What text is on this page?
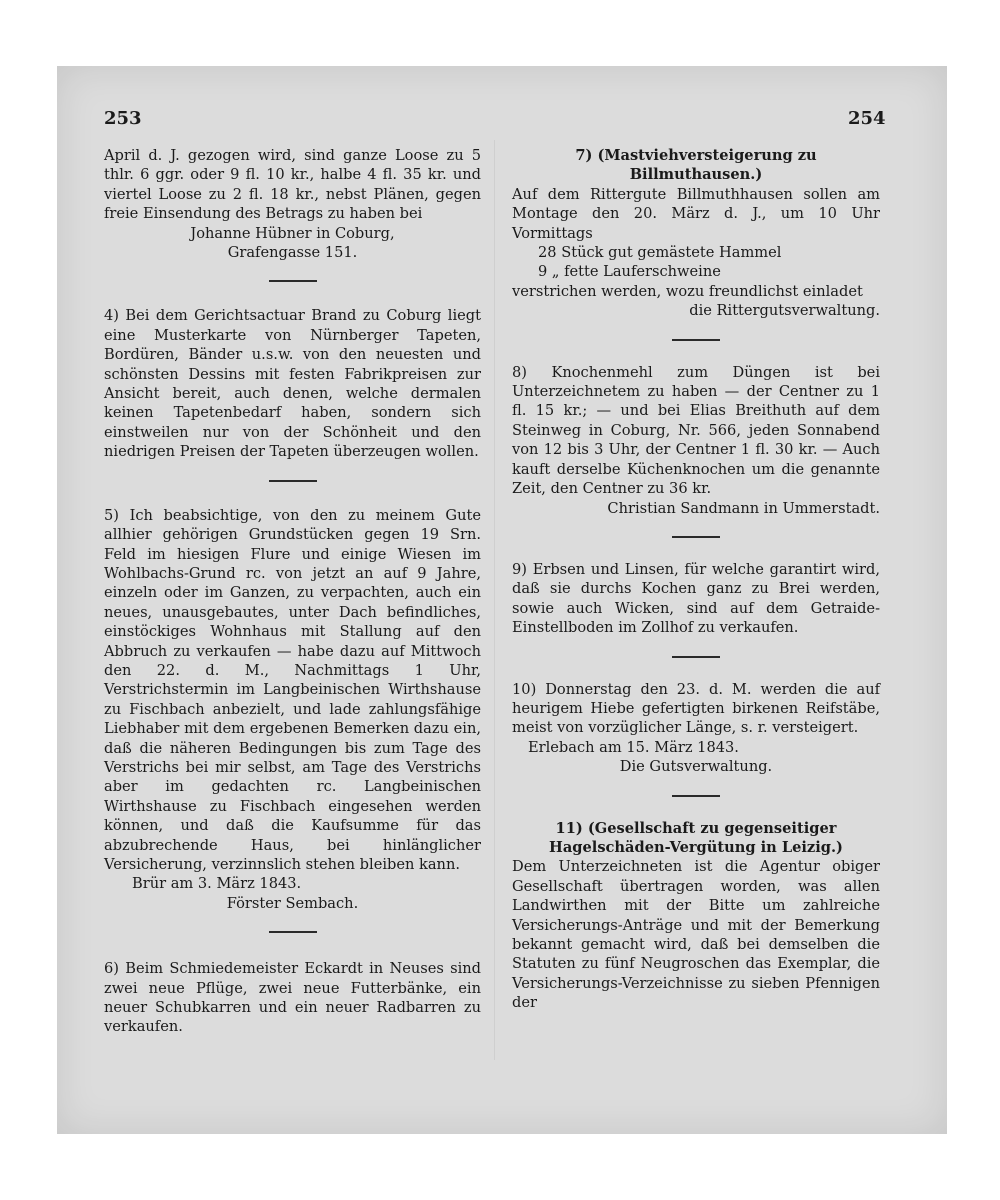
253	254

April d. J. gezogen wird, sind ganze Loose zu 5 thlr. 6 ggr. oder 9 fl. 10 kr., halbe 4 fl. 35 kr. und viertel Loose zu 2 fl. 18 kr., nebst Plänen, gegen freie Einsendung des Betrags zu haben bei

Johanne Hübner in Coburg,

Grafengasse 151.

4) Bei dem Gerichtsactuar Brand zu Coburg liegt eine Musterkarte von Nürnberger Tapeten, Bordüren, Bänder u.s.w. von den neuesten und schönsten Dessins mit festen Fabrikpreisen zur Ansicht bereit, auch denen, welche dermalen keinen Tapetenbedarf haben, sondern sich einstweilen nur von der Schönheit und den niedrigen Preisen der Tapeten überzeugen wollen.

5) Ich beabsichtige, von den zu meinem Gute allhier gehörigen Grundstücken gegen 19 Srn. Feld im hiesigen Flure und einige Wiesen im Wohlbachs-Grund rc. von jetzt an auf 9 Jahre, einzeln oder im Ganzen, zu verpachten, auch ein neues, unausgebautes, unter Dach befindliches, einstöckiges Wohnhaus mit Stallung auf den Abbruch zu verkaufen — habe dazu auf Mittwoch den 22. d. M., Nachmittags 1 Uhr, Verstrichstermin im Langbeinischen Wirthshause zu Fischbach anbezielt, und lade zahlungsfähige Liebhaber mit dem ergebenen Bemerken dazu ein, daß die näheren Bedingungen bis zum Tage des Verstrichs bei mir selbst, am Tage des Verstrichs aber im gedachten rc. Langbeinischen Wirthshause zu Fischbach eingesehen werden können, und daß die Kaufsumme für das abzubrechende Haus, bei hinlänglicher Versicherung, verzinnslich stehen bleiben kann.

Brür am 3. März 1843.

Förster Sembach.

6) Beim Schmiedemeister Eckardt in Neuses sind zwei neue Pflüge, zwei neue Futterbänke, ein neuer Schubkarren und ein neuer Radbarren zu verkaufen.

7) (Mastviehversteigerung zu Billmuthausen.)

Auf dem Rittergute Billmuthhausen sollen am Montage den 20. März d. J., um 10 Uhr Vormittags

28 Stück gut gemästete Hammel

9 „ fette Lauferschweine

verstrichen werden, wozu freundlichst einladet

die Rittergutsverwaltung.

8) Knochenmehl zum Düngen ist bei Unterzeichnetem zu haben — der Centner zu 1 fl. 15 kr.; — und bei Elias Breithuth auf dem Steinweg in Coburg, Nr. 566, jeden Sonnabend von 12 bis 3 Uhr, der Centner 1 fl. 30 kr. — Auch kauft derselbe Küchenknochen um die genannte Zeit, den Centner zu 36 kr.

Christian Sandmann in Ummerstadt.

9) Erbsen und Linsen, für welche garantirt wird, daß sie durchs Kochen ganz zu Brei werden, sowie auch Wicken, sind auf dem Getraide-Einstellboden im Zollhof zu verkaufen.

10) Donnerstag den 23. d. M. werden die auf heurigem Hiebe gefertigten birkenen Reifstäbe, meist von vorzüglicher Länge, s. r. versteigert.

Erlebach am 15. März 1843.

Die Gutsverwaltung.

11) (Gesellschaft zu gegenseitiger Hagelschäden-Vergütung in Leizig.)

Dem Unterzeichneten ist die Agentur obiger Gesellschaft übertragen worden, was allen Landwirthen mit der Bitte um zahlreiche Versicherungs-Anträge und mit der Bemerkung bekannt gemacht wird, daß bei demselben die Statuten zu fünf Neugroschen das Exemplar, die Versicherungs-Verzeichnisse zu sieben Pfennigen der
